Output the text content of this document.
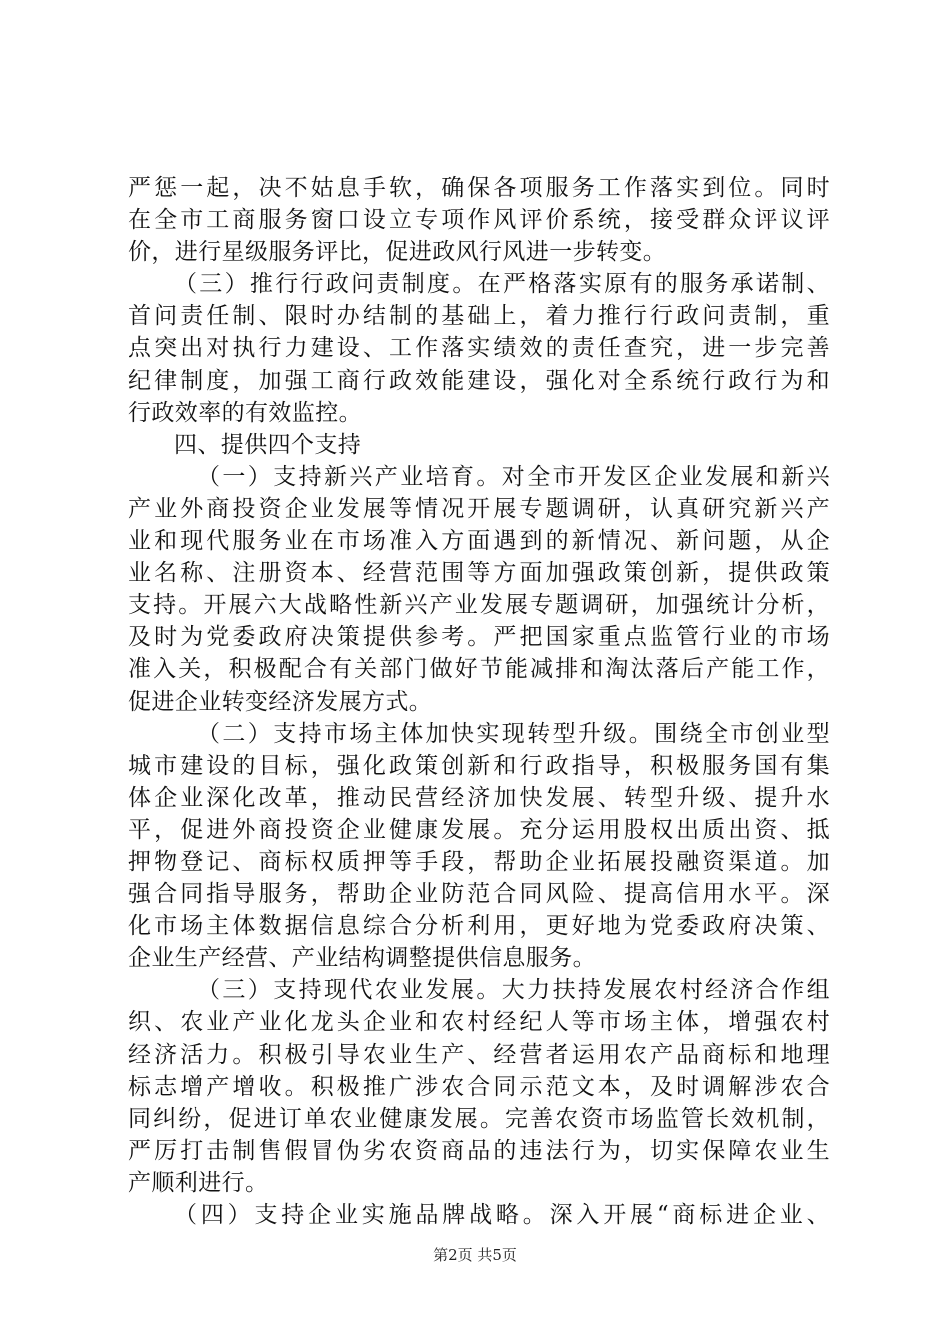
严惩一起，决不姑息手软，确保各项服务工作落实到位。同时
在全市工商服务窗口设立专项作风评价系统，接受群众评议评
价，进行星级服务评比，促进政风行风进一步转变。
（三）推行行政问责制度。在严格落实原有的服务承诺制、
首问责任制、限时办结制的基础上，着力推行行政问责制，重
点突出对执行力建设、工作落实绩效的责任查究，进一步完善
纪律制度，加强工商行政效能建设，强化对全系统行政行为和
行政效率的有效监控。
四、提供四个支持
（一）支持新兴产业培育。对全市开发区企业发展和新兴
产业外商投资企业发展等情况开展专题调研，认真研究新兴产
业和现代服务业在市场准入方面遇到的新情况、新问题，从企
业名称、注册资本、经营范围等方面加强政策创新，提供政策
支持。开展六大战略性新兴产业发展专题调研，加强统计分析，
及时为党委政府决策提供参考。严把国家重点监管行业的市场
准入关，积极配合有关部门做好节能减排和淘汰落后产能工作，
促进企业转变经济发展方式。
（二）支持市场主体加快实现转型升级。围绕全市创业型
城市建设的目标，强化政策创新和行政指导，积极服务国有集
体企业深化改革，推动民营经济加快发展、转型升级、提升水
平，促进外商投资企业健康发展。充分运用股权出质出资、抵
押物登记、商标权质押等手段，帮助企业拓展投融资渠道。加
强合同指导服务，帮助企业防范合同风险、提高信用水平。深
化市场主体数据信息综合分析利用，更好地为党委政府决策、
企业生产经营、产业结构调整提供信息服务。
（三）支持现代农业发展。大力扶持发展农村经济合作组
织、农业产业化龙头企业和农村经纪人等市场主体，增强农村
经济活力。积极引导农业生产、经营者运用农产品商标和地理
标志增产增收。积极推广涉农合同示范文本，及时调解涉农合
同纠纷，促进订单农业健康发展。完善农资市场监管长效机制，
严厉打击制售假冒伪劣农资商品的违法行为，切实保障农业生
产顺利进行。
（四）支持企业实施品牌战略。深入开展“商标进企业、
第2页 共5页
